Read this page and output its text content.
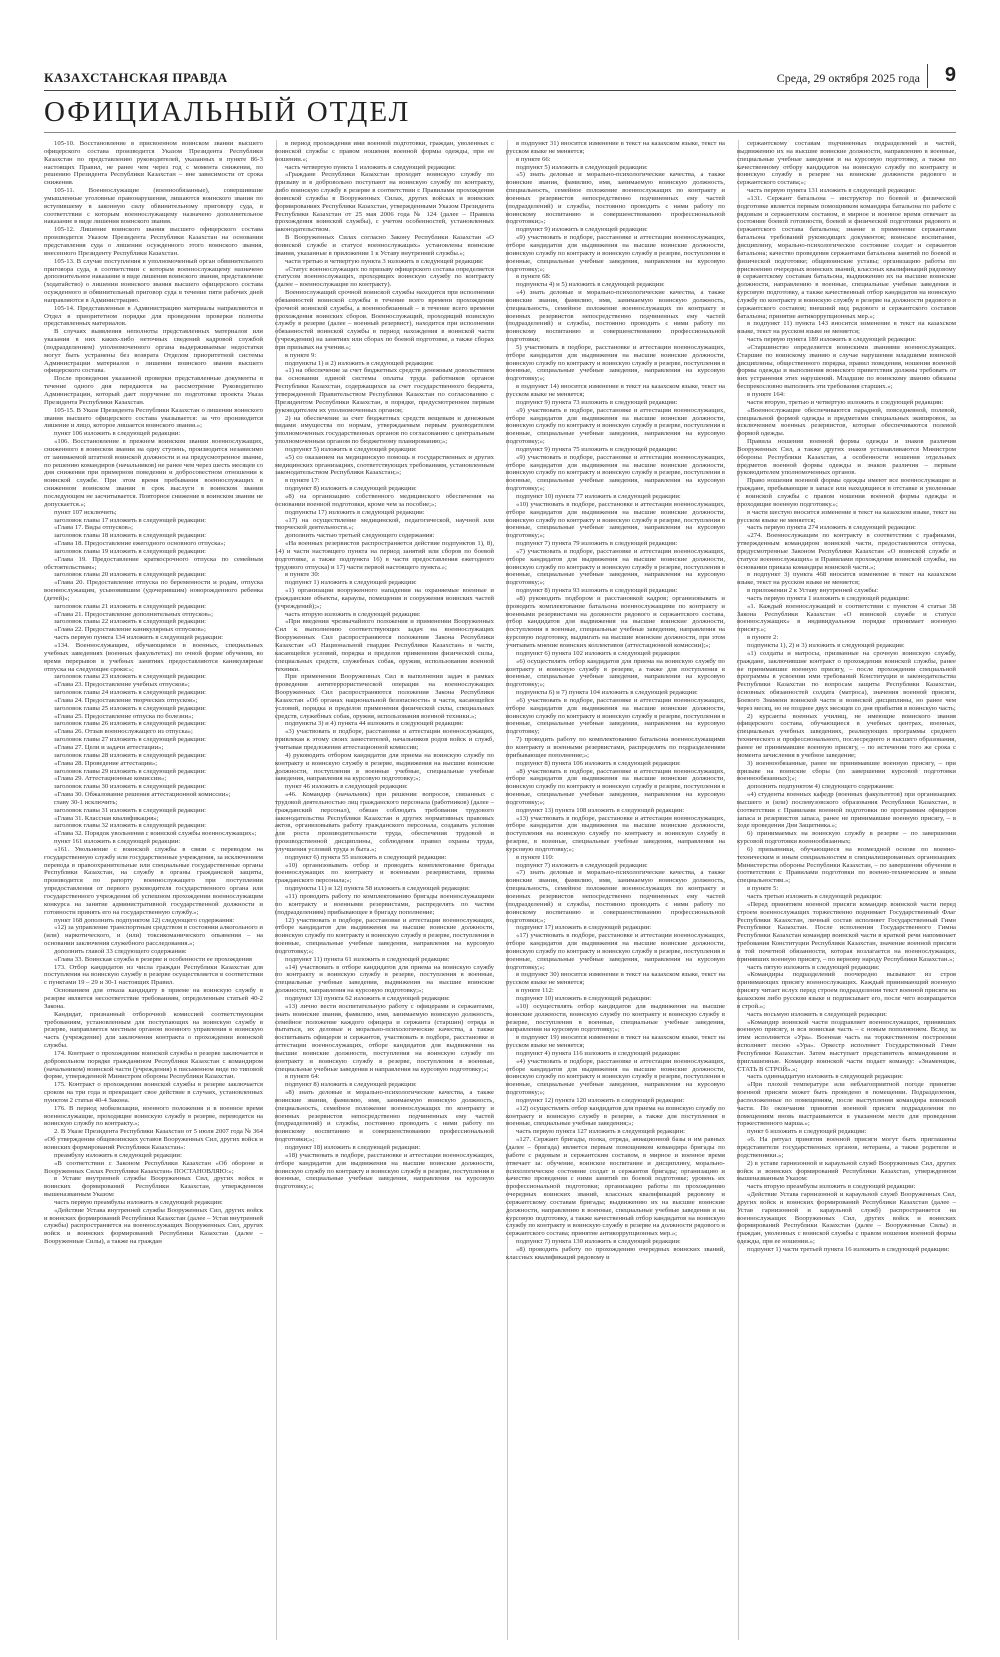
КАЗАХСТАНСКАЯ ПРАВДА	Среда, 29 октября 2025 года	9
ОФИЦИАЛЬНЫЙ ОТДЕЛ

105-10. Восстановление в присвоенном воинском звании высшего офицерского состава производится Указом Президента Республики Казахстан по представлению руководителей, указанных в пункте 86-3 настоящих Правил, не ранее чем через год с момента снижения, по решению Президента Республики Казахстан – вне зависимости от срока снижения.

105-11. Военнослужащие (военнообязанные), совершившие умышленные уголовные правонарушения, лишаются воинского звания по вступившему в законную силу обвинительному приговору суда, в соответствии с которым военнослужащему назначено дополнительное наказание в виде лишения воинского звания.

105-12. Лишение воинского звания высшего офицерского состава производится Указом Президента Республики Казахстан на основании представления суда о лишении осужденного этого воинского звания, внесенного Президенту Республики Казахстан.

105-13. В случае поступления в уполномоченный орган обвинительного приговора суда, в соответствии с которым военнослужащему назначено дополнительное наказание в виде лишения воинского звания, представление (ходатайство) о лишении воинского звания высшего офицерского состава осужденного и обвинительный приговор суда в течение пяти рабочих дней направляются в Администрацию.

105-14. Представленные в Администрацию материалы направляются в Отдел в приоритетном порядке для проведения проверки полноты представленных материалов.

В случаях выявления неполноты представленных материалов или указания в них каких-либо неточных сведений кадровой службой (подразделением) уполномоченного органа выдерживаемые недостатки могут быть устранены без возврата Отделом приоритетной системы Администрации материалов о лишении воинского звания высшего офицерского состава.

После проведения указанной проверки представленные документы в течение одного дня передаются на рассмотрение Руководителю Администрации, который дает поручение по подготовке проекта Указа Президента Республики Казахстан.

105-15. В Указе Президента Республики Казахстан о лишении воинского звания высшего офицерского состава указывается: за что производится лишение и лицо, которое лишается воинского звания.»;

пункт 106 изложить в следующей редакции:

«106. Восстановление в прежнем воинском звании военнослужащих, сниженного в воинском звании на одну ступень, производится независимо от занимаемой штатной воинской должности и на предусмотренное звание, по решению командиров (начальников) не ранее чем через шесть месяцев со дня снижения при примерном поведении и добросовестном отношении к воинской службе. При этом время пребывания военнослужащих в сниженном воинском звании в срок выслуги в воинском звании последующем не засчитывается. Повторное снижение в воинском звании не допускается.»;

пункт 107 исключить;

заголовок главы 17 изложить в следующей редакции:

«Глава 17. Виды отпусков»;

заголовок главы 18 изложить в следующей редакции:

«Глава 18. Предоставление ежегодного основного отпуска»;

заголовок главы 19 изложить в следующей редакции:

«Глава 19. Предоставление краткосрочного отпуска по семейным обстоятельствам»;

заголовок главы 20 изложить в следующей редакции:

«Глава 20. Предоставление отпуска по беременности и родам, отпуска военнослужащим, усыновившим (удочерившим) новорожденного ребенка (детей)»;

заголовок главы 21 изложить в следующей редакции:

«Глава 21. Предоставление дополнительных отпусков»;

заголовок главы 22 изложить в следующей редакции:

«Глава 22. Предоставление каникулярных отпусков»;

часть первую пункта 134 изложить в следующей редакции:

«134. Военнослужащим, обучающимся в военных, специальных учебных заведениях (военных факультетах) по очной форме обучения, во время перерывов в учебных занятиях предоставляются каникулярные отпуска на следующие сроки:»;

заголовок главы 23 изложить в следующей редакции:

«Глава 23. Предоставление учебных отпусков»;

заголовок главы 24 изложить в следующей редакции:

«Глава 24. Предоставление творческих отпусков»;

заголовок главы 25 изложить в следующей редакции:

«Глава 25. Предоставление отпуска по болезни»;

заголовок главы 26 изложить в следующей редакции:

«Глава 26. Отзыв военнослужащего из отпуска»;

заголовок главы 27 изложить в следующей редакции:

«Глава 27. Цели и задачи аттестации»;

заголовок главы 28 изложить в следующей редакции:

«Глава 28. Проведение аттестации»;

заголовок главы 29 изложить в следующей редакции:

«Глава 29. Аттестационные комиссии»;

заголовок главы 30 изложить в следующей редакции:

«Глава 30. Обжалование решения аттестационной комиссии»;

главу 30-1 исключить;

заголовок главы 31 изложить в следующей редакции:

«Глава 31. Классная квалификация»;

заголовок главы 32 изложить в следующей редакции:

«Глава 32. Порядок увольнения с воинской службы военнослужащих»;

пункт 161 изложить в следующей редакции:

«161. Увольнение с воинской службы в связи с переводом на государственную службу или государственные учреждения, за исключением перевода в правоохранительные или специальные государственные органы Республики Казахстан, на службу в органы гражданской защиты, производится по рапорту военнослужащего при поступлении упредоставления от первого руководителя государственного органа или государственного учреждения об успешном прохождении военнослужащим конкурса на занятие административной государственной должности и готовности принять его на государственную службу.»;

пункт 168 дополнить подпунктом 12) следующего содержания:

«12) за управление транспортным средством в состоянии алкогольного и (или) наркотического, и (или) токсикоманического опьянения – на основании заключения служебного расследования.»;

дополнить главой 33 следующего содержания:

«Глава 33. Воинская служба в резерве и особенности ее прохождения

173. Отбор кандидатов из числа граждан Республики Казахстан для поступления на воинскую службу в резерве осуществляется в соответствии с пунктами 19 – 29 и 30-1 настоящих Правил.

Основанием для отказа кандидату в приеме на воинскую службу в резерве является несоответствие требованиям, определенным статьей 40-2 Закона.

Кандидат, признанный отборочной комиссией соответствующим требованиям, установленным для поступающих на воинскую службу в резерве, направляется местным органом военного управления в воинскую часть (учреждение) для заключения контракта о прохождении воинской службы.

174. Контракт о прохождении воинской службы в резерве заключается в добровольном порядке гражданином Республики Казахстан с командиром (начальником) воинской части (учреждения) в письменном виде по типовой форме, утвержденной Министром обороны Республики Казахстан.

175. Контракт о прохождении воинской службы в резерве заключается сроком на три года и прекращает свое действие в случаях, установленных пунктом 2 статьи 40-4 Закона.

176. В период мобилизации, военного положения и в военное время военнослужащие, проходящие воинскую службу в резерве, переводятся на воинскую службу по контракту.»;

2. В Указе Президента Республики Казахстан от 5 июля 2007 года № 364 «Об утверждении общевоинских уставов Вооруженных Сил, других войск и воинских формирований Республики Казахстан»:

преамбулу изложить в следующей редакции:

«В соответствии с Законом Республики Казахстан «Об обороне и Вооруженных Силах Республики Казахстан» ПОСТАНОВЛЯЮ:»;

в Уставе внутренней службы Вооруженных Сил, других войск и воинских формирований Республики Казахстан, утвержденном вышеназванным Указом:

часть первую преамбулы изложить в следующей редакции:

«Действие Устава внутренней службы Вооруженных Сил, других войск и воинских формирований Республики Казахстан (далее – Устав внутренней службы) распространяется на военнослужащих Вооруженных Сил, других войск и воинских формирований Республики Казахстан (далее – Вооруженные Силы), а также на граждан

в период прохождения ими военной подготовки, граждан, уволенных с воинской службы с правом ношения военной формы одежды, при ее ношении.»;

часть четвертую пункта 1 изложить в следующей редакции:

«Граждане Республики Казахстан проходят воинскую службу по призыву и в добровольно поступают на воинскую службу по контракту, либо воинскую службу в резерве в соответствии с Правилами прохождения воинской службы в Вооруженных Силах, других войсках и воинских формированиях Республики Казахстан, утвержденными Указом Президента Республики Казахстан от 25 мая 2006 года № 124 (далее – Правила прохождения воинской службы), с учетом особенностей, установленных законодательством.

В Вооруженных Силах согласно Закону Республики Казахстан «О воинской службе и статусе военнослужащих» установлены воинские звания, указанные в приложении 1 к Уставу внутренней службы.»;

части третью и четвертую пункта 3 изложить в следующей редакции:

«Статус военнослужащих по призыву офицерского состава определяется статусом военнослужащих, проходящих воинскую службу по контракту (далее – военнослужащие по контракту).

Военнослужащий срочной воинской службы находится при исполнении обязанностей воинской службы в течение всего времени прохождения срочной воинской службы, а военнообязанный – в течение всего времени прохождения воинских сборов. Военнослужащий, проходящий воинскую службу в резерве (далее – военный резервист), находится при исполнении обязанностей воинской службы в период нахождения в воинской части (учреждении) на занятиях или сборах по боевой подготовке, а также сборах при призывах на учения.»;

в пункте 9:

подпункты 1) и 2) изложить в следующей редакции:

«1) на обеспечение за счет бюджетных средств денежным довольствием на основании единой системы оплаты труда работников органов Республики Казахстан, содержащихся за счет государственного бюджета, утвержденной Правительством Республики Казахстан по согласованию с Президентом Республики Казахстан, в порядке, предусмотренном первым руководителем их уполномоченных органов;

2) на обеспечение за счет бюджетных средств вещевым и денежным видами имущества по нормам, утверждаемым первым руководителем уполномоченных государственных органов по согласованию с центральным уполномоченным органом по бюджетному планированию;»;

подпункт 5) изложить в следующей редакции:

«5) со оказанием на медицинскую помощь в государственных и других медицинских организациях, соответствующих требованиям, установленным законодательством Республики Казахстан;»;

в пункте 17:

подпункт 8) изложить в следующей редакции:

«8) на организацию собственного медицинского обеспечения на основании военной подготовки, кроме чем за пособие;»;

подпункты 17) изложить в следующей редакции:

«17) на осуществление медицинской, педагогической, научной или творческой деятельности.»;

дополнить частью третьей следующего содержания:

«На военных резервистов распространяется действие подпунктов 1), 8), 14) и части настоящего пункта на период занятий или сборов по боевой подготовке, а также подпункта 16) в части предоставления ежегодного трудового отпуска) и 17) части первой настоящего пункта.»;

в пункте 30:

подпункт 1) изложить в следующей редакции:

«1) организации вооруженного нападения на охраняемые военные и гражданские объекты, караулы, помещения и сооружения воинских частей (учреждений);»;

часть вторую изложить в следующей редакции:

«При введении чрезвычайного положения и применении Вооруженных Сил к выполнению соответствующих задач на военнослужащих Вооруженных Сил распространяются положения Закона Республики Казахстан «О Национальной гвардии Республики Казахстан» в части, касающейся условий, порядка и пределов применения физической силы, специальных средств, служебных собак, оружия, использования военной техники.

При применении Вооруженных Сил в выполнении задач в рамках проведения антитеррористической операции на военнослужащих Вооруженных Сил распространяются положения Закона Республики Казахстан «Об органах национальной безопасности» в части, касающейся условий, порядка и пределов применения физической силы, специальных средств, служебных собак, оружия, использования военной техники.»;

подпункты 3) и 4) пункта 44 изложить в следующей редакции:

«3) участвовать в подборе, расстановке и аттестации военнослужащих, привлекая к этому своих заместителей, начальников родов войск и служб, учитывая предложения аттестационной комиссии;

4) руководить отбором кандидатов для приема на воинскую службу по контракту и воинскую службу в резерве, выдвижения на высшие воинские должности, поступления в военные учебные, специальные учебные заведения, направления на курсовую подготовку;»;

пункт 46 изложить в следующей редакции:

«46. Командир (начальник) при решении вопросов, связанных с трудовой деятельностью лиц гражданского персонала (работников) (далее – гражданский персонал), обязан соблюдать требования трудового законодательства Республики Казахстан и других нормативных правовых актов, организовывать работу гражданского персонала, создавать условия для роста производительности труда, обеспечения трудовой и производственной дисциплины, соблюдения правил охраны труда, улучшения условий труда и быта.»;

подпункт 6) пункта 55 изложить в следующей редакции:

«10) организовывать отбор и проводить комплектование бригады военнослужащих по контракту и военными резервистами, приема гражданского персонала;»;

подпункты 11) и 12) пункта 58 изложить в следующей редакции:

«11) проводить работу по комплектованию бригады военнослужащими по контракту и военными резервистами, распределять по частям (подразделениям) прибывающее в бригаду пополнение;

12) участвовать в подборе, расстановке и аттестации военнослужащих, отборе кандидатов для выдвижения на высшие воинские должности, воинскую службу по контракту и воинскую службу в резерве, поступления в военные, специальные учебные заведения, направления на курсовую подготовку;»;

подпункт 11) пункта 61 изложить в следующей редакции:

«14) участвовать в отборе кандидатов для приема на воинскую службу по контракту и воинскую службу в резерве, поступления в военные, специальные учебные заведения, выдвижения на высшие воинские должности, направления на курсовую подготовку;»;

подпункт 13) пункта 62 изложить в следующей редакции:

«13) лично вести воспитательную работу с офицерами и сержантами, знать воинские звания, фамилию, имя, занимаемую воинскую должность, семейное положение каждого офицера и сержанта (старшин) отряда и пытаться, их деловые и морально-психологические качества, а также воспитывать офицеров и сержантов, участвовать в подборе, расстановке и аттестации военнослужащих, отборе кандидатов для выдвижения на высшие воинские должности, поступления на воинскую службу по контракту и воинскую службу в резерве, поступления в военные, специальные учебные заведения и направления на курсовую подготовку;»;

в пункте 64:

подпункт 8) изложить в следующей редакции:

«8) знать деловые и морально-психологические качества, а также воинские звания, фамилию, имя, занимаемую воинскую должность, специальность, семейное положение военнослужащих по контракту и военных резервистов непосредственно подчиненных ему частей (подразделений) и службы, постоянно проводить с ними работу по воинскому воспитанию и совершенствованию профессиональной подготовки;»;

подпункт 18) изложить в следующей редакции:

«18) участвовать в подборе, расстановке и аттестации военнослужащих, отборе кандидатов для выдвижения на высшие воинские должности, воинскую службу по контракту и воинскую службу в резерве, поступления в военные, специальные учебные заведения, направления на курсовую подготовку;»;

в подпункт 31) вносится изменение в текст на казахском языке, текст на русском языке не меняется;

в пункте 66:

подпункт 5) изложить в следующей редакции:

«5) знать деловые и морально-психологические качества, а также воинские звания, фамилию, имя, занимаемую воинскую должность, специальность, семейное положение военнослужащих по контракту и военных резервистов непосредственно подчиненных ему частей (подразделений) и службы, постоянно проводить с ними работу по воинскому воспитанию и совершенствованию профессиональной подготовки;»;

подпункт 9) изложить в следующей редакции:

«9) участвовать в подборе, расстановке и аттестации военнослужащих, отборе кандидатов для выдвижения на высшие воинские должности, воинскую службу по контракту и воинскую службу в резерве, поступления в военные, специальные учебные заведения, направления на курсовую подготовку;»;

в пункте 68:

подпункты 4) и 5) изложить в следующей редакции:

«4) знать деловые и морально-психологические качества, а также воинские звания, фамилию, имя, занимаемую воинскую должность, специальность, семейное положение военнослужащих по контракту и военных резервистов непосредственно подчиненных ему частей (подразделений) и службы, постоянно проводить с ними работу по воинскому воспитанию и совершенствованию профессиональной подготовки;

5) участвовать в подборе, расстановке и аттестации военнослужащих, отборе кандидатов для выдвижения на высшие воинские должности, воинскую службу по контракту и воинскую службу в резерве, поступления в военные, специальные учебные заведения, направления на курсовую подготовку;»;

в подпункт 14) вносится изменение в текст на казахском языке, текст на русском языке не меняется;

подпункт 9) пункта 73 изложить в следующей редакции:

«9) участвовать в подборе, расстановке и аттестации военнослужащих, отборе кандидатов для выдвижения на высшие воинские должности, воинскую службу по контракту и воинскую службу в резерве, поступления в военные, специальные учебные заведения, направления на курсовую подготовку;»;

подпункт 9) пункта 75 изложить в следующей редакции:

«9) участвовать в подборе, расстановке и аттестации военнослужащих, отборе кандидатов для выдвижения на высшие воинские должности, воинскую службу по контракту и воинскую службу в резерве, поступления в военные, специальные учебные заведения, направления на курсовую подготовку;»;

подпункт 10) пункта 77 изложить в следующей редакции:

«10) участвовать в подборе, расстановке и аттестации военнослужащих, отборе кандидатов для выдвижения на высшие воинские должности, воинскую службу по контракту и воинскую службу в резерве, поступления в военные, специальные учебные заведения, направления на курсовую подготовку;»;

подпункт 7) пункта 79 изложить в следующей редакции:

«7) участвовать в подборе, расстановке и аттестации военнослужащих, отборе кандидатов для выдвижения на высшие воинские должности, воинскую службу по контракту и воинскую службу в резерве, поступления в военные, специальные учебные заведения, направления на курсовую подготовку;»;

подпункт 8) пункта 93 изложить в следующей редакции:

«8) руководить подбором и расстановкой кадров; организовывать и проводить комплектование батальона военнослужащими по контракту и военными резервистами на должности рядового и сержантского состава, отбор кандидатов для выдвижения на высшие воинские должности, поступления в военные, специальные учебные заведения, направления на курсовую подготовку, выдвигать на высшие воинские должности, при этом учитывать мнение воинских коллективов (аттестационной комиссии);»;

подпункт 6) пункта 102 изложить в следующей редакции:

«6) осуществлять отбор кандидатов для приема на воинскую службу по контракту и воинскую службу в резерве, а также для поступления в военные, специальные учебные заведения, направления на курсовую подготовку;»;

подпункты 6) и 7) пункта 104 изложить в следующей редакции:

«6) участвовать в подборе, расстановке и аттестации военнослужащих, отборе кандидатов для выдвижения на высшие воинские должности, воинскую службу по контракту и воинскую службу в резерве, поступления в военные, специальные учебные заведения, направления на курсовую подготовку;

7) проводить работу по комплектованию батальона военнослужащими по контракту и военными резервистами, распределять по подразделениям прибывающее пополнение;»;

подпункт 8) пункта 106 изложить в следующей редакции:

«8) участвовать в подборе, расстановке и аттестации военнослужащих, отборе кандидатов для выдвижения на высшие воинские должности, воинскую службу по контракту и воинскую службу в резерве, поступления в военные, специальные учебные заведения, направления на курсовую подготовку;»;

подпункт 13) пункта 108 изложить в следующей редакции:

«13) участвовать в подборе, расстановке и аттестации военнослужащих, отборе кандидатов для выдвижения на высшие воинские должности, поступления на воинскую службу по контракту и воинскую службу в резерве, в военные, специальные учебные заведения, направления на курсовую подготовку;»;

в пункте 110:

подпункт 7) изложить в следующей редакции:

«7) знать деловые и морально-психологические качества, а также воинские звания, фамилию, имя, занимаемую воинскую должность, специальность, семейное положение военнослужащих по контракту и военных резервистов непосредственно подчиненных ему частей (подразделений) и службы, постоянно проводить с ними работу по воинскому воспитанию и совершенствованию профессиональной подготовки;»;

подпункт 17) изложить в следующей редакции:

«17) участвовать в подборе, расстановке и аттестации военнослужащих, отборе кандидатов для выдвижения на высшие воинские должности, воинскую службу по контракту и воинскую службу в резерве, поступления в военные, специальные учебные заведения, направления на курсовую подготовку;»;

в подпункт 30) вносится изменение в текст на казахском языке, текст на русском языке не меняется;

в пункте 112:

подпункт 10) изложить в следующей редакции:

«10) осуществлять отбор кандидатов для выдвижения на высшие воинские должности, воинскую службу по контракту и воинскую службу в резерве, поступления в военные, специальные учебные заведения, направления на курсовую подготовку;»;

в подпункт 19) вносится изменение в текст на казахском языке, текст на русском языке не меняется;

подпункт 4) пункта 116 изложить в следующей редакции:

«4) участвовать в подборе, расстановке и аттестации военнослужащих, отборе кандидатов для выдвижения на высшие воинские должности, воинскую службу по контракту и воинскую службу в резерве, поступления в военные, специальные учебные заведения, направления на курсовую подготовку;»;

подпункт 12) пункта 120 изложить в следующей редакции:

«12) осуществлять отбор кандидатов для приема на воинскую службу по контракту и воинскую службу в резерве, а также для поступления в военные, специальные учебные заведения;»;

часть первую пункта 127 изложить в следующей редакции:

«127. Сержант бригады, полка, отряда, авиационной базы и им равных (далее – бригада) является первым помощником командира бригады по работе с рядовым и сержантским составом, в мирное и военное время отвечает за: обучение, воинское воспитание и дисциплину, морально-психологическое состояние солдат и сержантов бригады; организацию и качество проведения с ними занятий по боевой подготовке; уровень их профессиональной подготовки; организацию работы по прохождению очередных воинских званий, классных квалификаций рядовому и сержантскому составам бригады; выдвижению их на высшие воинские должности, направлению в военные, специальные учебные заведения и на курсовую подготовку, а также качественный отбор кандидатов на воинскую службу по контракту и воинскую службу в резерве на должности рядового и сержантского состава; принятие антикоррупционных мер.»;

подпункт 7) пункта 130 изложить в следующей редакции:

«8) проводить работу по прохождению очередных воинских званий, классных квалификаций рядовому и

сержантскому составам подчиненных подразделений и частей, выдвижению их на высшие воинские должности, направлению в военные, специальные учебные заведения и на курсовую подготовку, а также по качественному отбору кандидатов на воинскую службу по контракту и воинскую службу в резерве на воинские должности рядового и сержантского состава;»;

часть первую пункта 131 изложить в следующей редакции:

«131. Сержант батальона – инструктор по боевой и физической подготовке является первым помощником командира батальона по работе с рядовым и сержантским составом, в мирное и военное время отвечает за состояние боевой готовности, боевой и физической подготовки рядового и сержантского состава батальона; знание и применение сержантами батальона требований руководящих документов; воинское воспитание, дисциплину, морально-психологическое состояние солдат и сержантов батальона; качество проведения сержантами батальона занятий по боевой и физической подготовке; общевоинские уставы; организацию работы по присвоению очередных воинских званий, классных квалификаций рядовому и сержантскому составам батальона, выдвижению их на высшие воинские должности, направлению в военные, специальные учебные заведения и курсовую подготовку, а также качественный отбор кандидатов на воинскую службу по контракту и воинскую службу в резерве на должности рядового и сержантского составов; внешний вид рядового и сержантского составов батальона; принятие антикоррупционных мер.»;

в подпункт 11) пункта 143 вносится изменение в текст на казахском языке, текст на русском языке не меняется;

часть первую пункта 189 изложить в следующей редакции:

«Старшинство определяется воинскими званиями военнослужащих. Старшие по воинскому званию в случае нарушения младшими воинской дисциплины, общественного порядка, правил поведения, ношения военной формы одежды и выполнения воинского приветствия должны требовать от них устранения этих нарушений. Младшие по воинскому званию обязаны беспрекословно выполнять эти требования старших.»;

в пункте 164:

части вторую, третью и четвертую изложить в следующей редакции:

«Военнослужащие обеспечиваются парадной, повседневной, полевой, специальной формой одежды и предметами специальных экипировок, за исключением военных резервистов, которые обеспечиваются полевой формой одежды.

Правила ношения военной формы одежды и знаков различия Вооруженных Сил, а также других знаков устанавливаются Министром обороны Республики Казахстан, а особенности ношения отдельных предметов военной формы одежды и знаков различия – первым руководителем уполномоченных органов.

Право ношения военной формы одежды имеют все военнослужащие и граждане, пребывающие в запасе или находящиеся в отставке и уволенные с воинской службы с правом ношения военной формы одежды и проходящие военную подготовку.»;

в части шестую вносится изменение в текст на казахском языке, текст на русском языке не меняется;

часть первую пункта 274 изложить в следующей редакции:

«274. Военнослужащим по контракту в соответствии с графиками, утвержденным командиром воинской части, предоставляются отпуска, предусмотренные Законом Республики Казахстан «О воинской службе и статусе военнослужащих» и Правилами прохождения воинской службы, на основании приказа командира воинской части.»;

в подпункт 3) пункта 468 вносится изменение в текст на казахском языке, текст на русском языке не меняется;

в приложении 2 к Уставу внутренней службы:

часть первую пункта 1 изложить в следующей редакции:

«1. Каждый военнослужащий в соответствии с пунктом 4 статьи 38 Закона Республики Казахстан «О воинской службе и статусе военнослужащих» в индивидуальном порядке принимает военную присягу.»;

в пункте 2:

подпункты 1), 2) и 3) изложить в следующей редакции:

«1) солдаты и матросы, призванные на срочную воинскую службу, граждане, заключившие контракт о прохождении воинской службы, ранее не принимавшие военную присягу, – после прохождения специальной программы в усвоении ими требований Конституции и законодательства Республики Казахстан по вопросам защиты Республики Казахстан, основных обязанностей солдата (матроса), значения военной присяги, Боевого Знамени воинской части и воинской дисциплины, но ранее чем через месяц, но не позднее двух месяцев со дня прибытия в воинскую часть;

2) курсанты военных училищ, не имеющие воинского звания офицерского состава, обучающиеся в учебных центрах, военных, специальных учебных заведениях, реализующих программы среднего технического и профессионального, послесреднего и высшего образования, ранее не принимавшие военную присягу, – по истечении того же срока с момента зачисления в учебное заведение;

3) военнообязанные, ранее не принимавшие военную присягу, – при призыве на воинские сборы (по завершении курсовой подготовки военнообязанных);»;

дополнить подпунктом 4) следующего содержания:

«4) студенты военных кафедр (военных факультетов) при организациях высшего и (или) послевузовского образования Республики Казахстан, в соответствии с Правилами военной подготовки по программам офицеров запаса и резервистов запаса, ранее не принимавшие военную присягу, – в ходе проведения Дня Защитника.»;

6) принимаемых на воинскую службу в резерве – по завершении курсовой подготовки военнообязанных;

6) призывники, обучающиеся на возмездной основе по военно-техническим и иным специальностям в специализированных организациях Министерства обороны Республики Казахстан, – по завершении обучения в соответствии с Правилами подготовки по военно-техническим и иным специальностям.»;

в пункте 5:

часть третью изложить в следующей редакции:

«Перед принятием военной присяги командир воинской части перед строем военнослужащих торжественно поднимает Государственный Флаг Республики Казахстан, личный состав исполняет Государственный Гимн Республики Казахстан. После исполнения Государственного Гимна Республики Казахстан командир воинской части в краткой речи напоминает требования Конституции Республики Казахстан, значение военной присяги и той почетной обязанности, которая возлагается на военнослужащих, принявших военную присягу, – по верному народу Республики Казахстан.»;

часть пятую изложить в следующей редакции:

«Командиры подразделений поочередно вызывают из строя принимающих присягу военнослужащих. Каждый принимающий военную присягу читает вслух перед строем подразделения текст военной присяги на казахском либо русском языке и подписывает его, после чего возвращается в строй.»;

часть восьмую изложить в следующей редакции:

«Командир воинской части поздравляет военнослужащих, принявших военную присягу, и вся воинская часть – с новым пополнением. Вслед за этим исполняется «Ура». Военная часть на торжественном построении исполняет песню «Ура». Оркестр исполняет Государственный Гимн Республики Казахстан. Затем выступает представитель командования и приглашенные. Командир воинской части подает команду: «Знаменщик, СТАТЬ В СТРОЙ».»;

часть одиннадцатую изложить в следующей редакции:

«При плохой температуре или неблагоприятной погоде принятие военной присяги может быть проведено в помещении. Подразделения, расположенные по помещениям, после выступления командира воинской части. По окончании принятия военной присяги подразделения по помещениям вновь выстраиваются в указанном месте для проведения торжественного марша.»;

пункт 6 изложить в следующей редакции:

«6. На ритуал принятия военной присяги могут быть приглашены представители государственных органов, ветераны, а также родители и родственники.»;

2) в уставе гарнизонной и караульной служб Вооруженных Сил, других войск и воинских формирований Республики Казахстан, утвержденном вышеназванным Указом:

часть вторую преамбулы изложить в следующей редакции:

«Действие Устава гарнизонной и караульной служб Вооруженных Сил, других войск и воинских формирований Республики Казахстан (далее – Устав гарнизонной и караульной служб) распространяется на военнослужащих Вооруженных Сил, других войск и воинских формирований Республики Казахстан (далее – Вооруженные Силы) и граждан, уволенных с воинской службы с правом ношения военной формы одежды, при ее ношении.»;

подпункт 1) части третьей пункта 16 изложить в следующей редакции:
